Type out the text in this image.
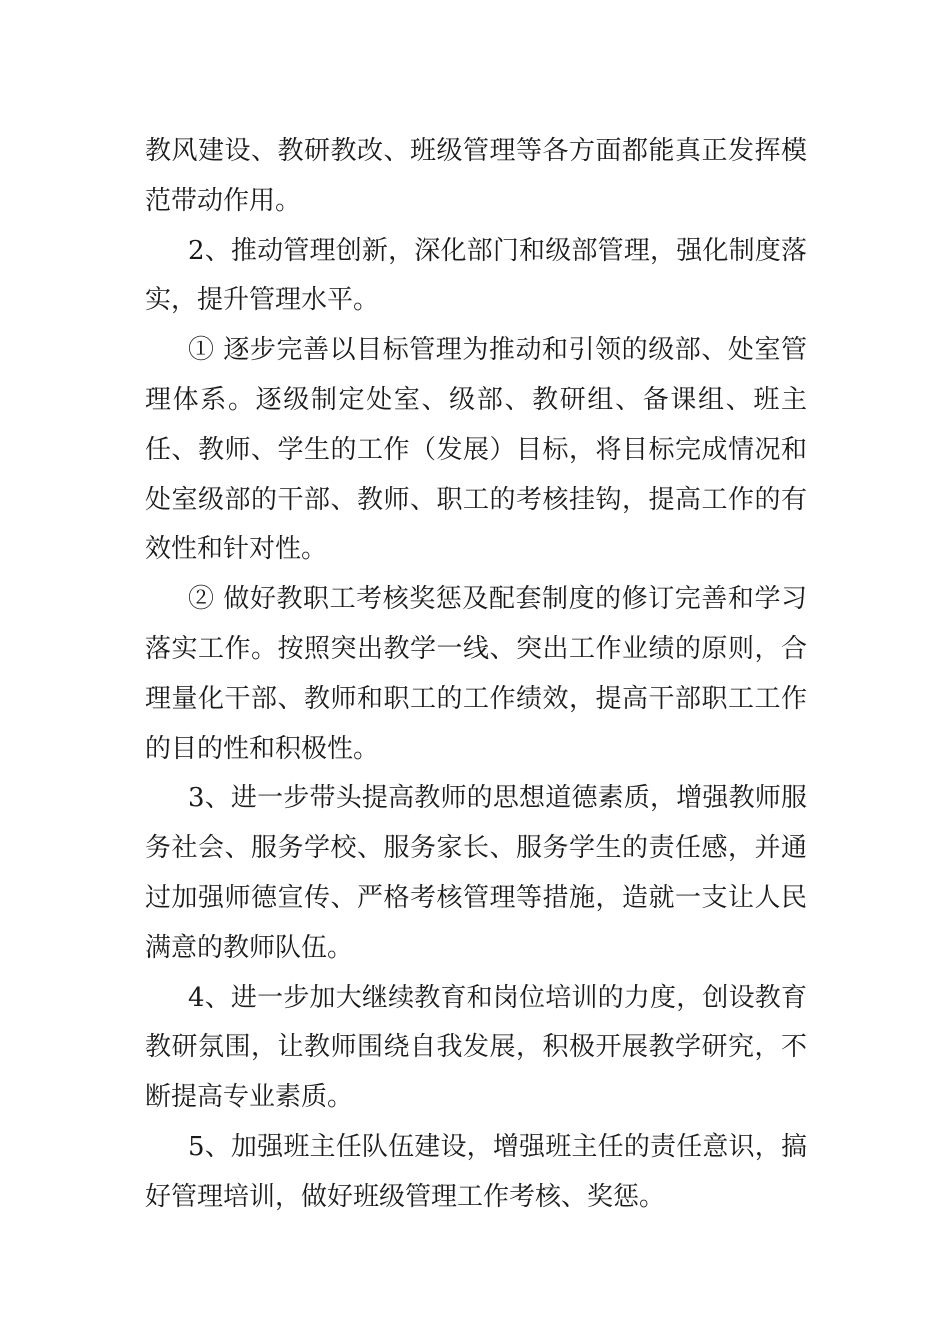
教风建设、教研教改、班级管理等各方面都能真正发挥模范带动作用。

2、推动管理创新，深化部门和级部管理，强化制度落实，提升管理水平。

① 逐步完善以目标管理为推动和引领的级部、处室管理体系。逐级制定处室、级部、教研组、备课组、班主任、教师、学生的工作（发展）目标，将目标完成情况和处室级部的干部、教师、职工的考核挂钩，提高工作的有效性和针对性。

② 做好教职工考核奖惩及配套制度的修订完善和学习落实工作。按照突出教学一线、突出工作业绩的原则，合理量化干部、教师和职工的工作绩效，提高干部职工工作的目的性和积极性。

3、进一步带头提高教师的思想道德素质，增强教师服务社会、服务学校、服务家长、服务学生的责任感，并通过加强师德宣传、严格考核管理等措施，造就一支让人民满意的教师队伍。

4、进一步加大继续教育和岗位培训的力度，创设教育教研氛围，让教师围绕自我发展，积极开展教学研究，不断提高专业素质。

5、加强班主任队伍建设，增强班主任的责任意识，搞好管理培训，做好班级管理工作考核、奖惩。
